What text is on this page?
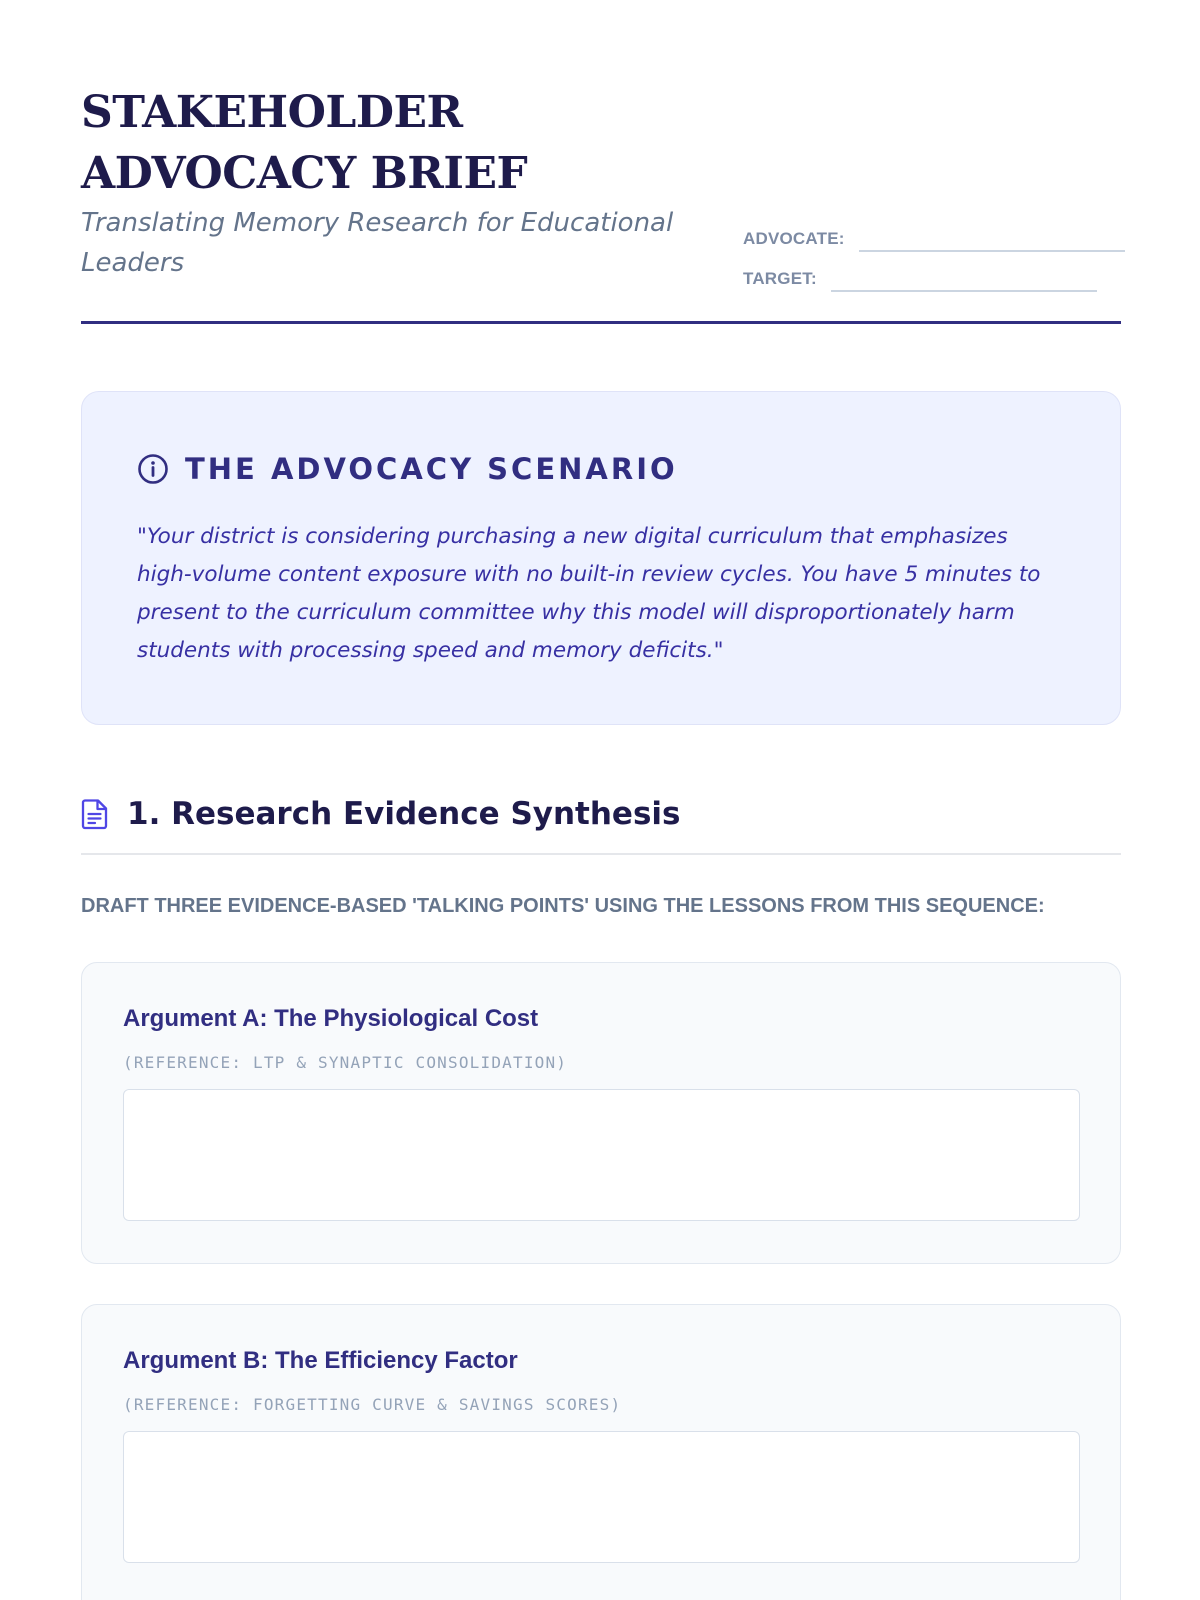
STAKEHOLDER ADVOCACY BRIEF

Translating Memory Research for Educational Leaders

ADVOCATE:
TARGET:
THE ADVOCACY SCENARIO

"Your district is considering purchasing a new digital curriculum that emphasizes high-volume content exposure with no built-in review cycles. You have 5 minutes to present to the curriculum committee why this model will disproportionately harm students with processing speed and memory deficits."

1. Research Evidence Synthesis
DRAFT THREE EVIDENCE-BASED 'TALKING POINTS' USING THE LESSONS FROM THIS SEQUENCE:
Argument A: The Physiological Cost

(REFERENCE: LTP & SYNAPTIC CONSOLIDATION)

Argument B: The Efficiency Factor

(REFERENCE: FORGETTING CURVE & SAVINGS SCORES)
